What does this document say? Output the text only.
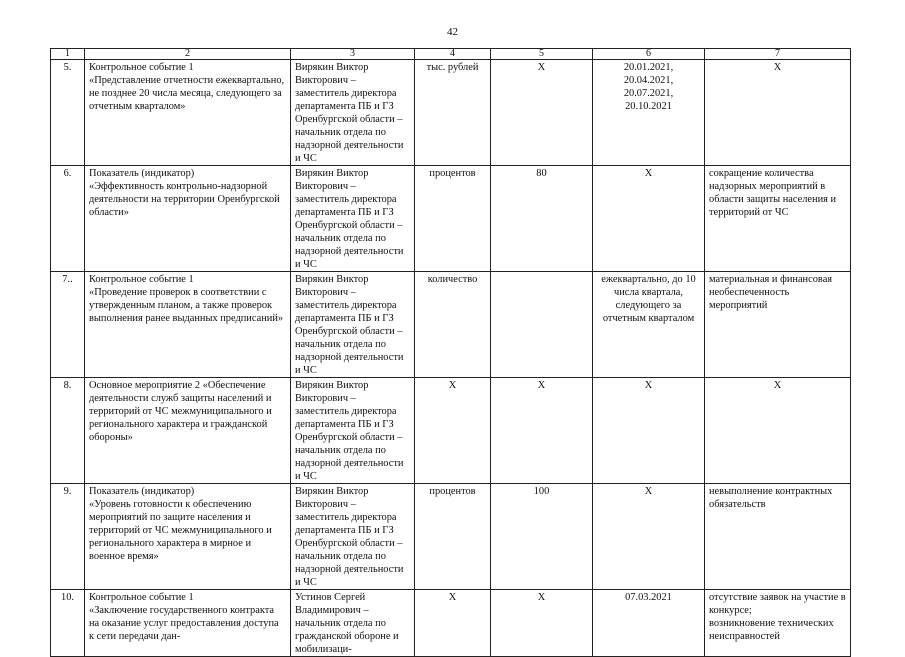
42
1	2	3	4	5	6	7
5.	Контрольное событие 1
«Представление отчетности ежеквартально, не позднее 20 числа месяца, следующего за отчетным кварталом»	Вирякин Виктор Викторович – заместитель директора департамента ПБ и ГЗ Оренбургской области – начальник отдела по надзорной деятельности и ЧС	тыс. рублей	Х	20.01.2021,
20.04.2021,
20.07.2021,
20.10.2021	Х
6.	Показатель (индикатор)
«Эффективность контрольно-надзорной деятельности на территории Оренбургской области»	Вирякин Виктор Викторович – заместитель директора департамента ПБ и ГЗ Оренбургской области – начальник отдела по надзорной деятельности и ЧС	процентов	80	Х	сокращение количества надзорных мероприятий в области защиты населения и территорий от ЧС
7..	Контрольное событие 1
«Проведение проверок в соответствии с утвержденным планом, а также проверок выполнения ранее выданных предписаний»	Вирякин Виктор Викторович – заместитель директора департамента ПБ и ГЗ Оренбургской области – начальник отдела по надзорной деятельности и ЧС	количество		ежеквартально, до 10 числа квартала, следующего за отчетным кварталом	материальная и финансовая необеспеченность мероприятий
8.	Основное мероприятие 2 «Обеспечение деятельности служб защиты населений и территорий от ЧС межмуниципального и регионального характера и гражданской обороны»	Вирякин Виктор Викторович – заместитель директора департамента ПБ и ГЗ Оренбургской области – начальник отдела по надзорной деятельности и ЧС	Х	Х	Х	Х
9.	Показатель (индикатор)
«Уровень готовности к обеспечению мероприятий по защите населения и территорий от ЧС межмуниципального и регионального характера в мирное и военное время»	Вирякин Виктор Викторович – заместитель директора департамента ПБ и ГЗ Оренбургской области – начальник отдела по надзорной деятельности и ЧС	процентов	100	Х	невыполнение контрактных обязательств
10.	Контрольное событие 1
«Заключение государственного контракта на оказание услуг предоставления доступа к сети передачи дан-	Устинов Сергей Владимирович – начальник отдела по гражданской обороне и мобилизаци-	Х	Х	07.03.2021	отсутствие заявок на участие в конкурсе;
возникновение технических неисправностей
